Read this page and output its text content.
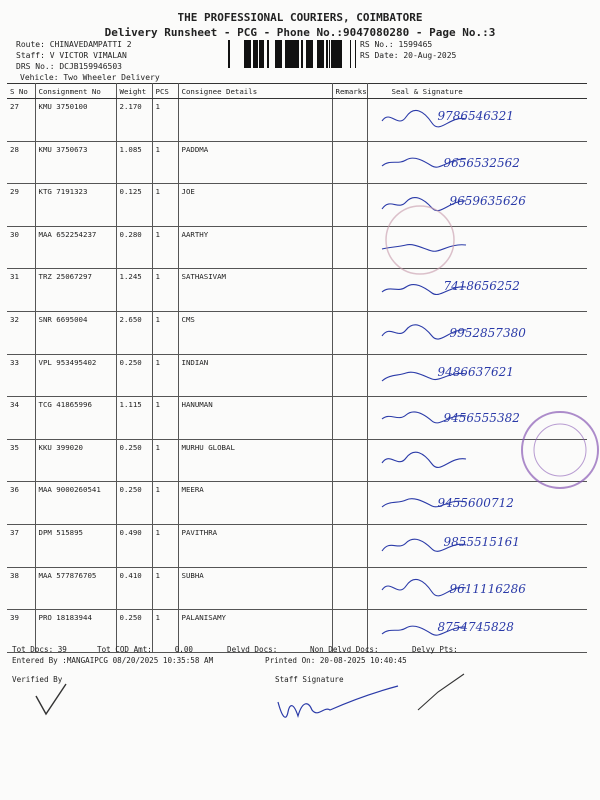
THE PROFESSIONAL COURIERS, COIMBATORE
Delivery Runsheet - PCG - Phone No.:9047080280 - Page No.:3
Route: CHINAVEDAMPATTI 2
Staff: V VICTOR VIMALAN
DRS No.: DCJB159946503
Vehicle: Two Wheeler Delivery
RS No.: 1599465
RS Date: 20-Aug-2025
S No	Consignment No	Weight	PCS	Consignee Details	Remarks	Seal & Signature
27	KMU 3750100	2.170	1			9786546321

28	KMU 3750673	1.085	1	PADDMA		9656532562

29	KTG 7191323	0.125	1	JOE		9659635626

30	MAA 652254237	0.280	1	AARTHY		

31	TRZ 25067297	1.245	1	SATHASIVAM		7418656252

32	SNR 6695004	2.650	1	CMS		9952857380

33	VPL 953495402	0.250	1	INDIAN		9486637621

34	TCG 41865996	1.115	1	HANUMAN		9456555382

35	KKU 399020	0.250	1	MURHU GLOBAL		

36	MAA 9000260541	0.250	1	MEERA		9455600712

37	DPM 515895	0.490	1	PAVITHRA		9855515161

38	MAA 577876705	0.410	1	SUBHA		9611116286

39	PRO 18183944	0.250	1	PALANISAMY		8754745828
Tot Docs: 39	Tot COD Amt:     0.00	Delvd Docs:	Non Delvd Docs:	Delvy Pts:
Entered By :MANGAIPCG 08/20/2025 10:35:58 AM	Printed On: 20-08-2025 10:40:45
Verified By	Staff Signature
